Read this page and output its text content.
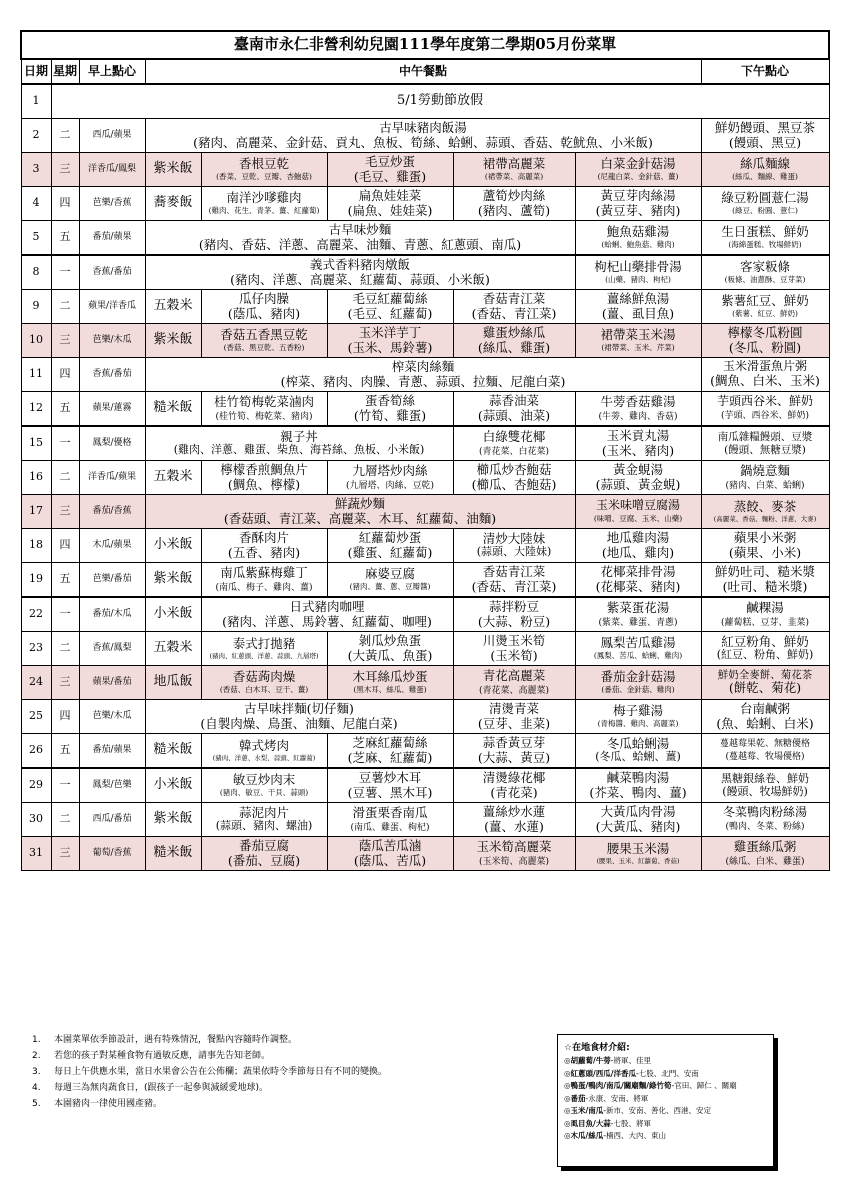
臺南市永仁非營利幼兒園111學年度第二學期05月份菜單								
日期	星期	早上點心	中午餐點					下午點心
1	5/1勞動節放假							
2	二	西瓜/蘋果	古早味豬肉飯湯
(豬肉、高麗菜、金針菇、貢丸、魚板、筍絲、蛤蜊、蒜頭、香菇、乾魷魚、小米飯)					鮮奶饅頭、黑豆茶
(饅頭、黑豆)

3	三	洋香瓜/鳳梨	紫米飯	香根豆乾
(香菜、豆乾、豆瓣、杏鮑菇)	毛豆炒蛋
(毛豆、雞蛋)	裙帶高麗菜
(裙帶菜、高麗菜)	白菜金針菇湯
(尼龍白菜、金針菇、薑)	絲瓜麵線
(絲瓜、麵線、雞蛋)

4	四	芭樂/香蕉	蕎麥飯	南洋沙嗲雞肉
(雞肉、花生、青茅、薑、紅蘿蔔)	扁魚娃娃菜
(扁魚、娃娃菜)	蘆筍炒肉絲
(豬肉、蘆筍)	黃豆芽肉絲湯
(黃豆芽、豬肉)	綠豆粉圓薏仁湯
(綠豆、粉圓、薏仁)

5	五	番茄/蘋果	古早味炒麵
(豬肉、香菇、洋蔥、高麗菜、油麵、青蔥、紅蔥頭、南瓜)				鮑魚菇雞湯
(蛤蜊、鮑魚菇、雞肉)	生日蛋糕、鮮奶
(海綿蛋糕、牧場鮮奶)

8	一	香蕉/番茄	義式香料豬肉燉飯
(豬肉、洋蔥、高麗菜、紅蘿蔔、蒜頭、小米飯)				枸杞山藥排骨湯
(山藥、豬肉、枸杞)	客家粄條
(粄條、油蔥酥、豆芽菜)

9	二	蘋果/洋香瓜	五穀米	瓜仔肉臊
(蔭瓜、豬肉)	毛豆紅蘿蔔絲
(毛豆、紅蘿蔔)	香菇青江菜
(香菇、青江菜)	薑絲鮮魚湯
(薑、虱目魚)	紫薯紅豆、鮮奶
(紫薯、紅豆、鮮奶)

10	三	芭樂/木瓜	紫米飯	香菇五香黑豆乾
(香菇、黑豆乾、五香粉)	玉米洋芋丁
(玉米、馬鈴薯)	雞蛋炒絲瓜
(絲瓜、雞蛋)	裙帶菜玉米湯
(裙帶菜、玉米、芹菜)	檸檬冬瓜粉圓
(冬瓜、粉圓)

11	四	香蕉/番茄	榨菜肉絲麵
(榨菜、豬肉、肉臊、青蔥、蒜頭、拉麵、尼龍白菜)					玉米滑蛋魚片粥
(鯛魚、白米、玉米)

12	五	蘋果/蓮霧	糙米飯	桂竹筍梅乾菜滷肉
(桂竹筍、梅乾菜、豬肉)	蛋香筍絲
(竹筍、雞蛋)	蒜香油菜
(蒜頭、油菜)	牛蒡香菇雞湯
(牛蒡、雞肉、香菇)	芋頭西谷米、鮮奶
(芋頭、西谷米、鮮奶)

15	一	鳳梨/優格	親子丼
(雞肉、洋蔥、雞蛋、柴魚、海苔絲、魚板、小米飯)			白綠雙花椰
(青花菜、白花菜)	玉米貢丸湯
(玉米、豬肉)	南瓜雜糧饅頭、豆漿
(饅頭、無糖豆漿)

16	二	洋香瓜/蘋果	五穀米	檸檬香煎鯛魚片
(鯛魚、檸檬)	九層塔炒肉絲
(九層塔、肉絲、豆乾)	櫛瓜炒杏鮑菇
(櫛瓜、杏鮑菇)	黃金蜆湯
(蒜頭、黃金蜆)	鍋燒意麵
(豬肉、白菜、蛤蜊)

17	三	番茄/香蕉	鮮蔬炒麵
(香菇頭、青江菜、高麗菜、木耳、紅蘿蔔、油麵)				玉米味噌豆腐湯
(味噌、豆腐、玉米、山藥)	蒸餃、麥茶
(高麗菜、香菇、麵粉、洋蔥、大麥)

18	四	木瓜/蘋果	小米飯	香酥肉片
(五香、豬肉)	紅蘿蔔炒蛋
(雞蛋、紅蘿蔔)	清炒大陸妹
(蒜頭、大陸妹)	地瓜雞肉湯
(地瓜、雞肉)	蘋果小米粥
(蘋果、小米)

19	五	芭樂/番茄	紫米飯	南瓜紫蘇梅雞丁
(南瓜、梅子、雞肉、薑)	麻婆豆腐
(豬肉、薑、蔥、豆瓣醬)	香菇青江菜
(香菇、青江菜)	花椰菜排骨湯
(花椰菜、豬肉)	鮮奶吐司、糙米漿
(吐司、糙米漿)

22	一	番茄/木瓜	小米飯	日式豬肉咖哩
(豬肉、洋蔥、馬鈴薯、紅蘿蔔、咖哩)		蒜拌粉豆
(大蒜、粉豆)	紫菜蛋花湯
(紫菜、雞蛋、青蔥)	鹹粿湯
(蘿蔔糕、豆芽、韭菜)

23	二	香蕉/鳳梨	五穀米	泰式打拋豬
(豬肉、紅蔥頭、洋蔥、蒜頭、九層塔)	剝瓜炒魚蛋
(大黃瓜、魚蛋)	川燙玉米筍
(玉米筍)	鳳梨苦瓜雞湯
(鳳梨、苦瓜、蛤蜊、雞肉)	紅豆粉角、鮮奶
(紅豆、粉角、鮮奶)

24	三	蘋果/番茄	地瓜飯	香菇蒟肉燥
(香菇、白木耳、豆干、薑)	木耳絲瓜炒蛋
(黑木耳、絲瓜、雞蛋)	青花高麗菜
(青花菜、高麗菜)	番茄金針菇湯
(番茄、金針菇、雞肉)	鮮奶全麥餅、菊花茶
(餅乾、菊花)

25	四	芭樂/木瓜	古早味拌麵(切仔麵)
(自製肉燥、鳥蛋、油麵、尼龍白菜)			清燙青菜
(豆芽、韭菜)	梅子雞湯
(青梅醬、雞肉、高麗菜)	台南鹹粥
(魚、蛤蜊、白米)

26	五	番茄/蘋果	糙米飯	韓式烤肉
(豬肉、洋蔥、水梨、蒜頭、紅蘿蔔)	芝麻紅蘿蔔絲
(芝麻、紅蘿蔔)	蒜香黃豆芽
(大蒜、黃豆)	冬瓜蛤蜊湯
(冬瓜、蛤蜊、薑)	蔓越莓果乾、無糖優格
(蔓越莓、牧場優格)

29	一	鳳梨/芭樂	小米飯	敏豆炒肉末
(豬肉、敏豆、干貝、蒜頭)	豆薯炒木耳
(豆薯、黑木耳)	清燙綠花椰
(青花菜)	鹹菜鴨肉湯
(芥菜、鴨肉、薑)	黑糖銀絲卷、鮮奶
(饅頭、牧場鮮奶)

30	二	西瓜/番茄	紫米飯	蒜泥肉片
(蒜頭、豬肉、螺油)	滑蛋栗香南瓜
(南瓜、雞蛋、枸杞)	薑絲炒水蓮
(薑、水蓮)	大黃瓜肉骨湯
(大黃瓜、豬肉)	冬菜鴨肉粉絲湯
(鴨肉、冬菜、粉絲)

31	三	葡萄/香蕉	糙米飯	番茄豆腐
(番茄、豆腐)	蔭瓜苦瓜滷
(蔭瓜、苦瓜)	玉米筍高麗菜
(玉米筍、高麗菜)	腰果玉米湯
(腰果、玉米、紅蘿蔔、香菇)	雞蛋絲瓜粥
(絲瓜、白米、雞蛋)
1. 本園菜單依季節設計，遇有特殊情況，餐點內容隨時作調整。
2. 若您的孩子對某種食物有過敏反應，請事先告知老師。
3. 每日上午供應水果，當日水果會公告在公佈欄；蔬果依時令季節每日有不同的變換。
4. 每週三為無肉蔬食日，(跟孩子一起參與減緩愛地球)。
5. 本園豬肉一律使用國產豬。
☆在地食材介紹:
◎胡蘿蔔/牛蒡-將軍、佳里
◎紅蔥頭/西瓜/洋香瓜-七股、北門、安南
◎鴨蛋/鴨肉/南瓜/關廟麵/綠竹筍-官田、歸仁 、關廟
◎番茄-永康、安南、將軍
◎玉米/南瓜-新市、安南、善化、西港、安定
◎虱目魚/大蒜-七股、將軍
◎木瓜/絲瓜-楠西、大內、東山
